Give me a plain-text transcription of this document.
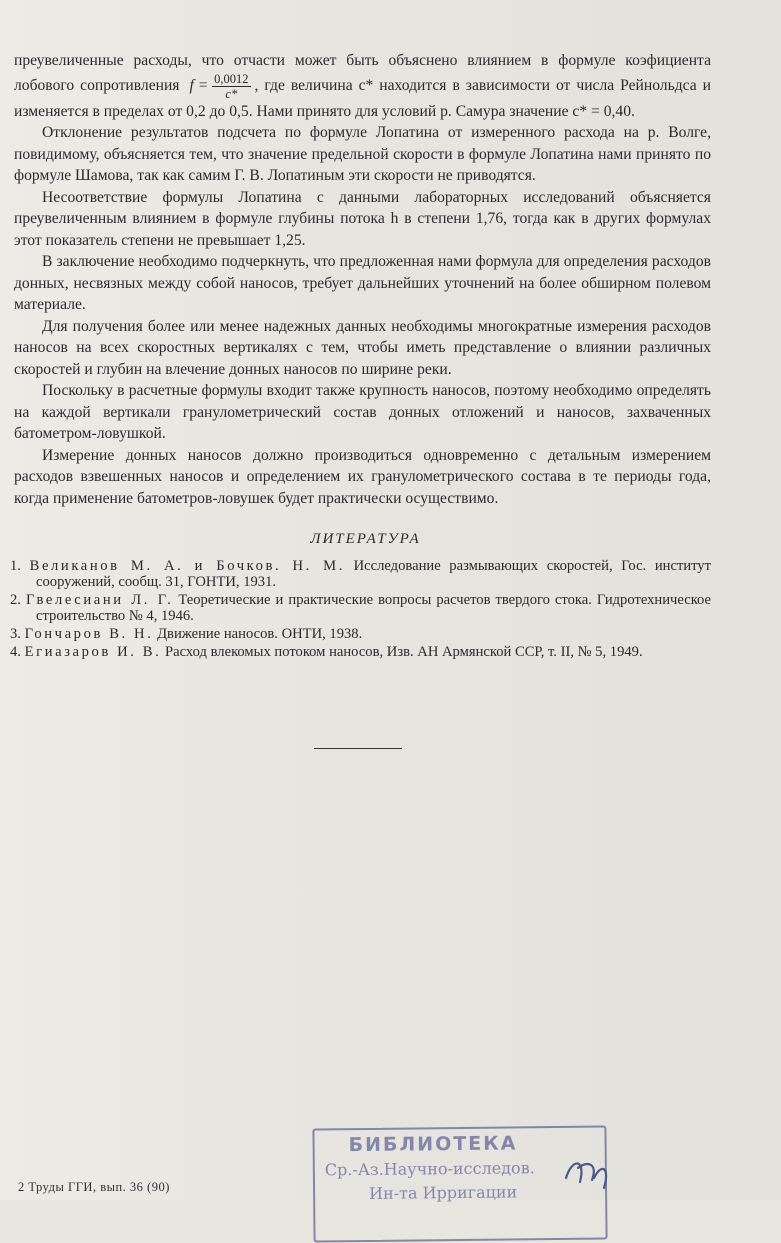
преувеличенные расходы, что отчасти может быть объяснено влиянием в формуле коэфициента лобового сопротивления $f = \frac{0,0012}{c*}$ , где величина c* находится в зависимости от числа Рейнольдса и изменяется в пределах от 0,2 до 0,5. Нами принято для условий р. Самура значение c* = 0,40.

Отклонение результатов подсчета по формуле Лопатина от измеренного расхода на р. Волге, повидимому, объясняется тем, что значение предельной скорости в формуле Лопатина нами принято по формуле Шамова, так как самим Г. В. Лопатиным эти скорости не приводятся.

Несоответствие формулы Лопатина с данными лабораторных исследований объясняется преувеличенным влиянием в формуле глубины потока h в степени 1,76, тогда как в других формулах этот показатель степени не превышает 1,25.

В заключение необходимо подчеркнуть, что предложенная нами формула для определения расходов донных, несвязных между собой наносов, требует дальнейших уточнений на более обширном полевом материале.

Для получения более или менее надежных данных необходимы многократные измерения расходов наносов на всех скоростных вертикалях с тем, чтобы иметь представление о влиянии различных скоростей и глубин на влечение донных наносов по ширине реки.

Поскольку в расчетные формулы входит также крупность наносов, поэтому необходимо определять на каждой вертикали гранулометрический состав донных отложений и наносов, захваченных батометром-ловушкой.

Измерение донных наносов должно производиться одновременно с детальным измерением расходов взвешенных наносов и определением их гранулометрического состава в те периоды года, когда применение батометров-ловушек будет практически осуществимо.

ЛИТЕРАТУРА
1. Великанов М. А. и Бочков. Н. М. Исследование размывающих скоростей, Гос. институт сооружений, сообщ. 31, ГОНТИ, 1931.
2. Гвелесиани Л. Г. Теоретические и практические вопросы расчетов твердого стока. Гидротехническое строительство № 4, 1946.
3. Гончаров В. Н. Движение наносов. ОНТИ, 1938.
4. Егиазаров И. В. Расход влекомых потоком наносов, Изв. АН Армянской ССР, т. II, № 5, 1949.
БИБЛИОТЕКА
Ср.-Аз.Научно-исследов.
Ин-та Ирригации
2 Труды ГГИ, вып. 36 (90)
